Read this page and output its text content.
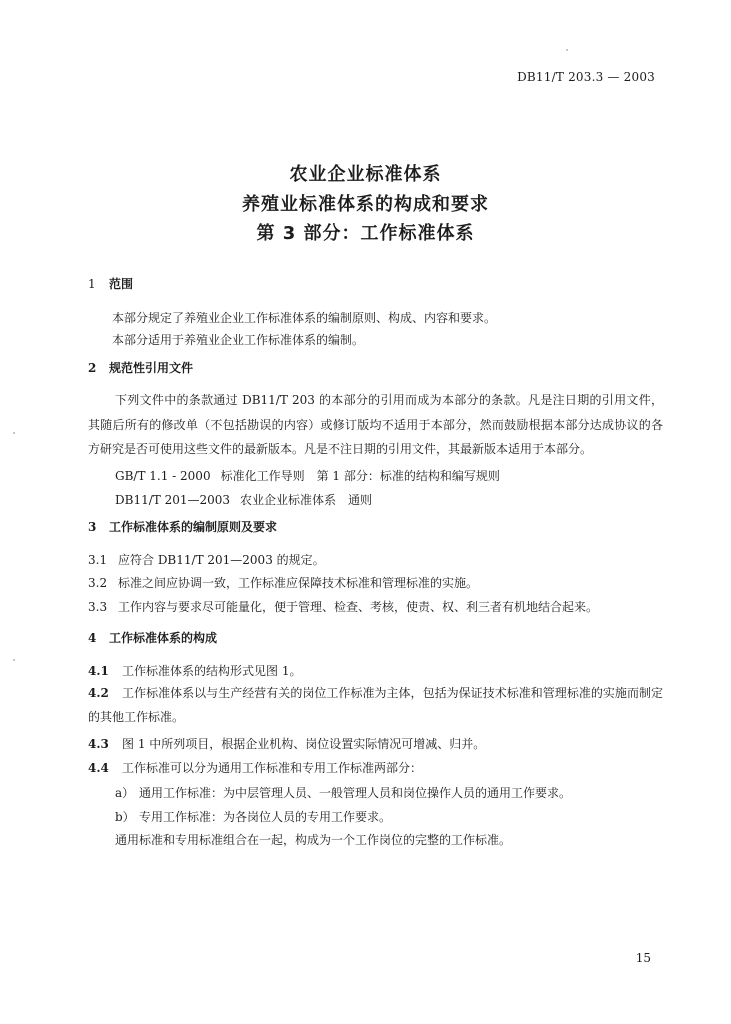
DB11/T 203.3 — 2003
农业企业标准体系
养殖业标准体系的构成和要求
第 3 部分：工作标准体系
1 范围
本部分规定了养殖业企业工作标准体系的编制原则、构成、内容和要求。
本部分适用于养殖业企业工作标准体系的编制。
2 规范性引用文件
下列文件中的条款通过 DB11/T 203 的本部分的引用而成为本部分的条款。凡是注日期的引用文件，其随后所有的修改单（不包括勘误的内容）或修订版均不适用于本部分，然而鼓励根据本部分达成协议的各方研究是否可使用这些文件的最新版本。凡是不注日期的引用文件，其最新版本适用于本部分。
GB/T 1.1 - 2000 标准化工作导则　第 1 部分：标准的结构和编写规则
DB11/T 201—2003 农业企业标准体系　通则
3 工作标准体系的编制原则及要求
3.1 应符合 DB11/T 201—2003 的规定。
3.2 标准之间应协调一致，工作标准应保障技术标准和管理标准的实施。
3.3 工作内容与要求尽可能量化，便于管理、检查、考核，使责、权、利三者有机地结合起来。
4 工作标准体系的构成
4.1 工作标准体系的结构形式见图 1。
4.2 工作标准体系以与生产经营有关的岗位工作标准为主体，包括为保证技术标准和管理标准的实施而制定的其他工作标准。
4.3 图 1 中所列项目，根据企业机构、岗位设置实际情况可增减、归并。
4.4 工作标准可以分为通用工作标准和专用工作标准两部分：
a） 通用工作标准：为中层管理人员、一般管理人员和岗位操作人员的通用工作要求。
b） 专用工作标准：为各岗位人员的专用工作要求。
通用标准和专用标准组合在一起，构成为一个工作岗位的完整的工作标准。
15
